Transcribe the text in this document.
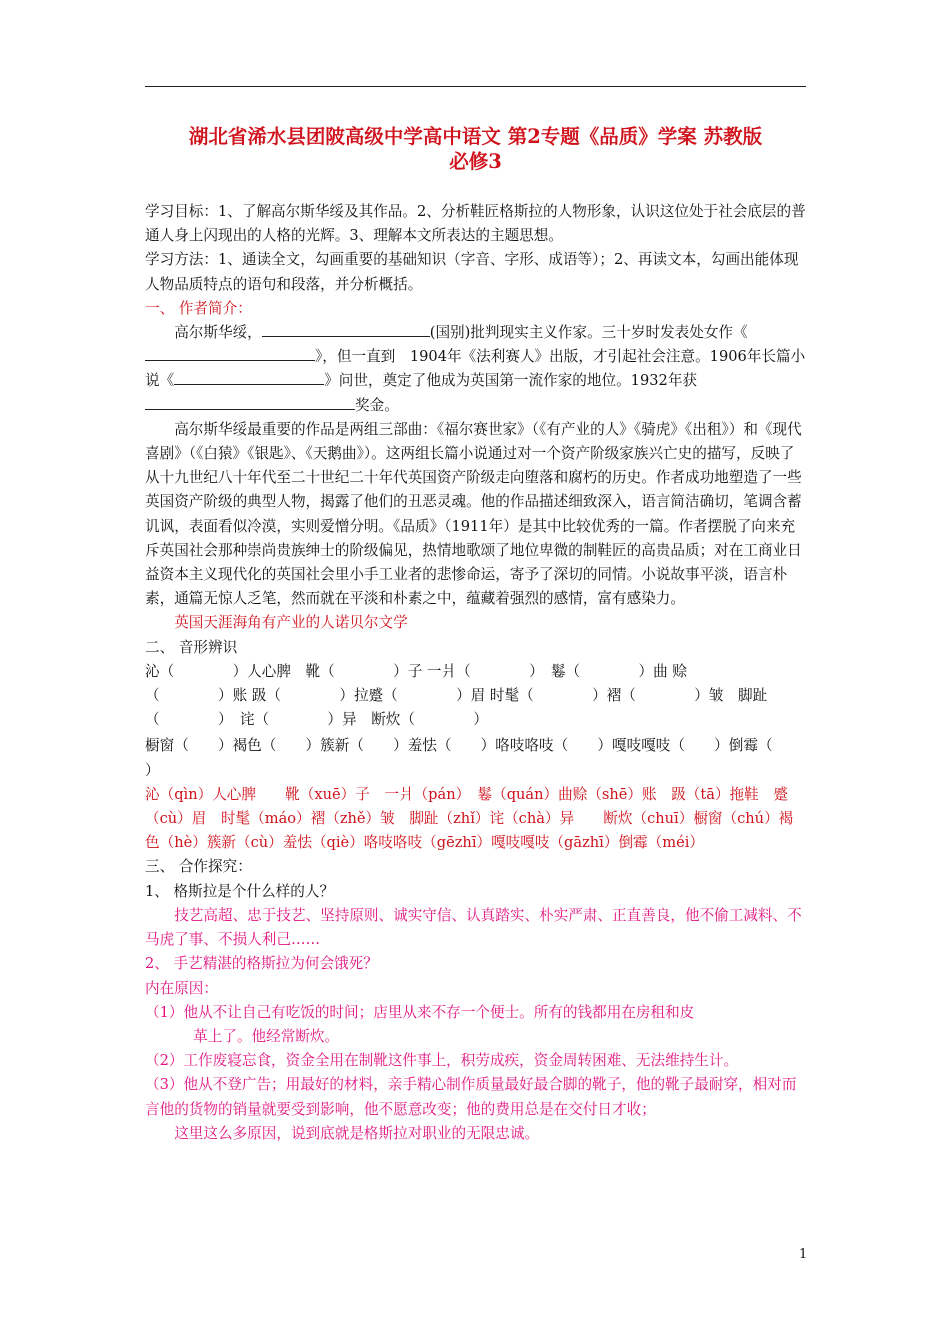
湖北省浠水县团陂高级中学高中语文 第2专题《品质》学案 苏教版
必修3

学习目标：1、了解高尔斯华绥及其作品。2、分析鞋匠格斯拉的人物形象，认识这位处于社会底层的普通人身上闪现出的人格的光辉。3、理解本文所表达的主题思想。

学习方法：1、通读全文，勾画重要的基础知识（字音、字形、成语等）；2、再读文本，勾画出能体现人物品质特点的语句和段落，并分析概括。

一、 作者简介：

高尔斯华绥，	(国别)批判现实主义作家。三十岁时发表处女作《》，但一直到　1904年《法利赛人》出版，才引起社会注意。1906年长篇小说《	》问世，奠定了他成为英国第一流作家的地位。1932年获奖金。

高尔斯华绥最重要的作品是两组三部曲：《福尔赛世家》（《有产业的人》《骑虎》《出租》）和《现代喜剧》（《白猿》《银匙》、《天鹅曲》）。这两组长篇小说通过对一个资产阶级家族兴亡史的描写，反映了从十九世纪八十年代至二十世纪二十年代英国资产阶级走向堕落和腐朽的历史。作者成功地塑造了一些英国资产阶级的典型人物，揭露了他们的丑恶灵魂。他的作品描述细致深入，语言简洁确切，笔调含蓄讥讽，表面看似冷漠，实则爱憎分明。《品质》（1911年）是其中比较优秀的一篇。作者摆脱了向来充斥英国社会那种崇尚贵族绅士的阶级偏见，热情地歌颂了地位卑微的制鞋匠的高贵品质；对在工商业日益资本主义现代化的英国社会里小手工业者的悲惨命运，寄予了深切的同情。小说故事平淡，语言朴素，通篇无惊人乏笔，然而就在平淡和朴素之中，蕴藏着强烈的感情，富有感染力。

英国天涯海角有产业的人诺贝尔文学

二、 音形辨识

沁（　　　　）人心脾　靴（　　　　）子 一爿（　　　　）　鬈（　　　　）曲 赊

（　　　　）账 趿（　　　　）拉蹙（　　　　）眉 时髦（　　　　）褶（　　　　）皱　脚趾

（　　　　）　诧（　　　　）异　断炊（　　　　）

橱窗（　　）褐色（　　）簇新（　　）羞怯（　　）咯吱咯吱（　　）嘎吱嘎吱（　　）倒霉（

）

沁（qìn）人心脾　　靴（xuē）子　一爿（pán）　鬈（quán）曲赊（shē）账　趿（tā）拖鞋　蹙（cù）眉　时髦（máo）褶（zhě）皱　脚趾（zhǐ）诧（chà）异　　断炊（chuī）橱窗（chú）褐色（hè）簇新（cù）羞怯（qiè）咯吱咯吱（gēzhī）嘎吱嘎吱（gāzhī）倒霉（méi）

三、 合作探究：

1、 格斯拉是个什么样的人？

技艺高超、忠于技艺、坚持原则、诚实守信、认真踏实、朴实严肃、正直善良，他不偷工减料、不马虎了事、不损人利己……

2、 手艺精湛的格斯拉为何会饿死？

内在原因：

（1）他从不让自己有吃饭的时间；店里从来不存一个便士。所有的钱都用在房租和皮

革上了。他经常断炊。

（2）工作废寝忘食，资金全用在制靴这件事上，积劳成疾，资金周转困难、无法维持生计。

（3）他从不登广告；用最好的材料，亲手精心制作质量最好最合脚的靴子，他的靴子最耐穿，相对而言他的货物的销量就要受到影响，他不愿意改变；他的费用总是在交付日才收；

这里这么多原因，说到底就是格斯拉对职业的无限忠诚。

1
